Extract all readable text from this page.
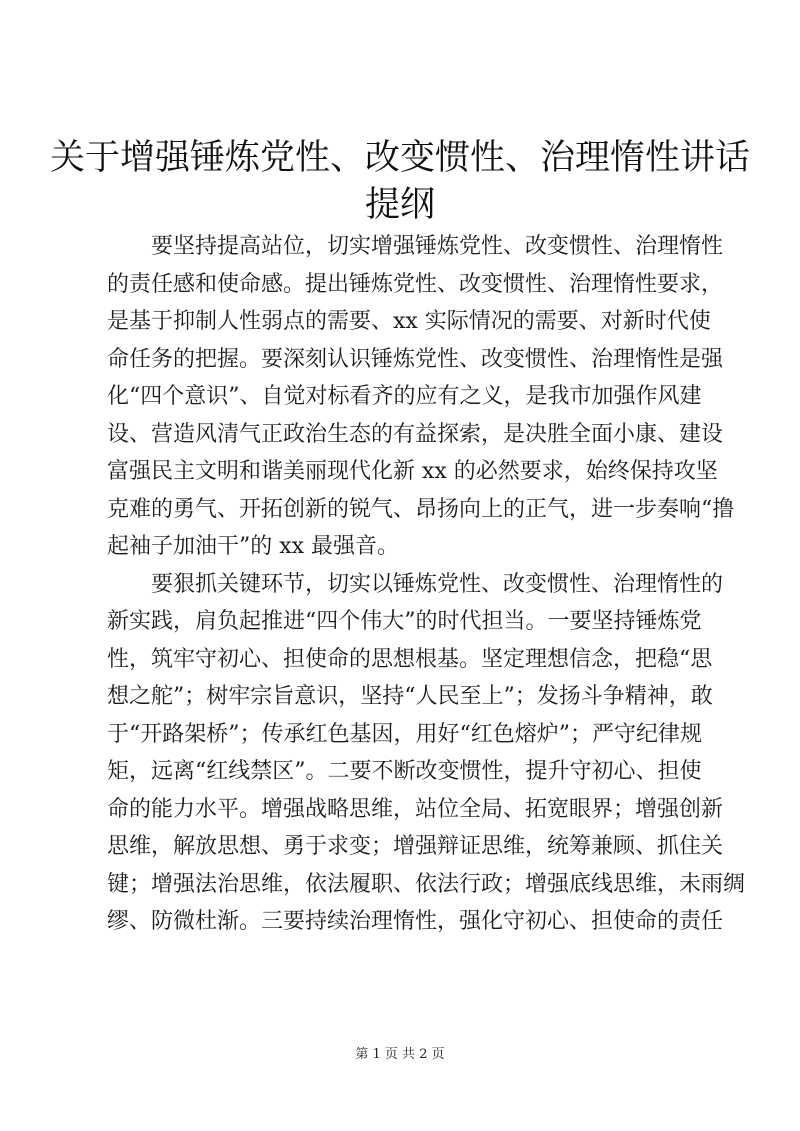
关于增强锤炼党性、改变惯性、治理惰性讲话
提纲
要坚持提高站位，切实增强锤炼党性、改变惯性、治理惰性
的责任感和使命感。提出锤炼党性、改变惯性、治理惰性要求，
是基于抑制人性弱点的需要、xx 实际情况的需要、对新时代使
命任务的把握。要深刻认识锤炼党性、改变惯性、治理惰性是强
化“四个意识”、自觉对标看齐的应有之义，是我市加强作风建
设、营造风清气正政治生态的有益探索，是决胜全面小康、建设
富强民主文明和谐美丽现代化新 xx 的必然要求，始终保持攻坚
克难的勇气、开拓创新的锐气、昂扬向上的正气，进一步奏响“撸
起袖子加油干”的 xx 最强音。
要狠抓关键环节，切实以锤炼党性、改变惯性、治理惰性的
新实践，肩负起推进“四个伟大”的时代担当。一要坚持锤炼党
性，筑牢守初心、担使命的思想根基。坚定理想信念，把稳“思
想之舵”；树牢宗旨意识，坚持“人民至上”；发扬斗争精神，敢
于“开路架桥”；传承红色基因，用好“红色熔炉”；严守纪律规
矩，远离“红线禁区”。二要不断改变惯性，提升守初心、担使
命的能力水平。增强战略思维，站位全局、拓宽眼界；增强创新
思维，解放思想、勇于求变；增强辩证思维，统筹兼顾、抓住关
键；增强法治思维，依法履职、依法行政；增强底线思维，未雨绸
缪、防微杜渐。三要持续治理惰性，强化守初心、担使命的责任
第 1 页 共 2 页
